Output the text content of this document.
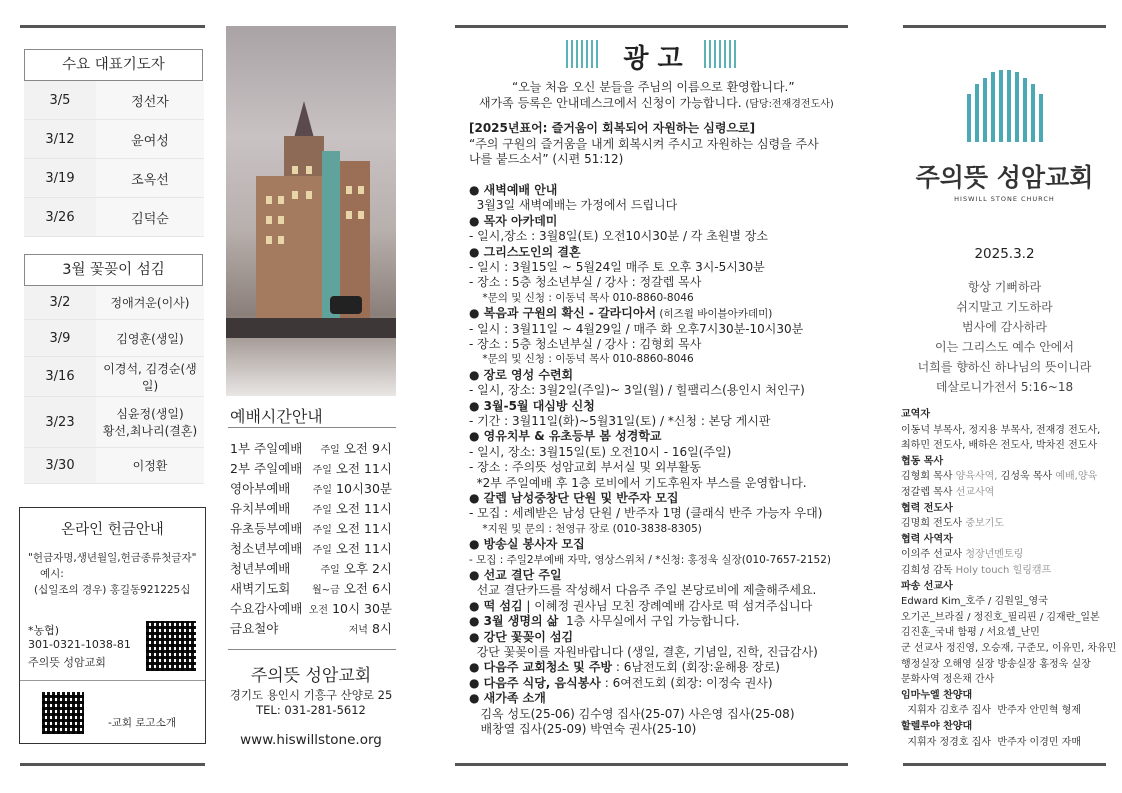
수요 대표기도자
3/5	정선자
3/12	윤여성
3/19	조옥선
3/26	김덕순
3월 꽃꽂이 섬김
3/2	정애겨운(이사)

3/9	김영훈(생일)

3/16	이경석, 김경순(생일)

3/23	심윤정(생일)
황선,최나리(결혼)

3/30	이정환
온라인 헌금안내
"헌금자명,생년월일,헌금종류첫글자"
예시:
(십일조의 경우) 홍길동921225십
*농협)
301-0321-1038-81
주의뜻 성암교회
-교회 로고소개
예배시간안내
1부 주일예배 주일 오전 9시
2부 주일예배 주일 오전 11시
영아부예배 주일 10시30분
유치부예배 주일 오전 11시
유초등부예배 주일 오전 11시
청소년부예배 주일 오전 11시
청년부예배	주일 오후 2시
새벽기도회 월~금 오전 6시
수요감사예배 오전 10시 30분
금요철야	저녁 8시
주의뜻 성암교회
경기도 용인시 기흥구 산양로 25
TEL: 031-281-5612
www.hiswillstone.org
광 고
“오늘 처음 오신 분들을 주님의 이름으로 환영합니다.”
새가족 등록은 안내데스크에서 신청이 가능합니다. (담당:전재경전도사)
[2025년표어: 즐거움이 회복되어 자원하는 심령으로]
“주의 구원의 즐거움을 내게 회복시켜 주시고 자원하는 심령을 주사
나를 붙드소서” (시편 51:12)
● 새벽예배 안내
3월3일 새벽예배는 가정에서 드립니다
● 목자 아카데미
- 일시,장소 : 3월8일(토) 오전10시30분 / 각 초원별 장소
● 그리스도인의 결혼
- 일시 : 3월15일 ~ 5월24일 매주 토 오후 3시-5시30분
- 장소 : 5층 청소년부실 / 강사 : 정갈렙 목사
*문의 및 신청 : 이동넉 목사 010-8860-8046
● 복음과 구원의 확신 - 갈라디아서 (히즈윌 바이블아카데미)
- 일시 : 3월11일 ~ 4월29일 / 매주 화 오후7시30분-10시30분
- 장소 : 5층 청소년부실 / 강사 : 김형회 목사
*문의 및 신청 : 이동넉 목사 010-8860-8046
● 장로 영성 수련회
- 일시, 장소: 3월2일(주일)~ 3일(월) / 힐팰리스(용인시 처인구)
● 3월-5월 대심방 신청
- 기간 : 3월11일(화)~5월31일(토) / *신청 : 본당 게시판
● 영유치부 & 유초등부 봄 성경학교
- 일시, 장소: 3월15일(토) 오전10시 - 16일(주일)
- 장소 : 주의뜻 성암교회 부서실 및 외부활동
*2부 주일예배 후 1층 로비에서 기도후원자 부스를 운영합니다.
● 갈렙 남성중창단 단원 및 반주자 모집
- 모집 : 세례받은 남성 단원 / 반주자 1명 (클래식 반주 가능자 우대)
*지원 및 문의 : 천영규 장로 (010-3838-8305)
● 방송실 봉사자 모집
- 모집 : 주일2부예배 자막, 영상스위처 / *신청: 홍정욱 실장(010-7657-2152)
● 선교 결단 주일
선교 결단카드를 작성해서 다음주 주일 본당로비에 제출해주세요.
● 떡 섬김 | 이혜정 권사님 모친 장례예배 감사로 떡 섬겨주십니다
● 3월 생명의 삶  1층 사무실에서 구입 가능합니다.
● 강단 꽃꽂이 섬김
강단 꽃꽂이를 자원바랍니다 (생일, 결혼, 기념일, 진학, 진급감사)
● 다음주 교회청소 및 주방 : 6남전도회 (회장:윤해용 장로)
● 다음주 식당, 음식봉사 : 6여전도회 (회장: 이정숙 권사)
● 새가족 소개
김옥 성도(25-06) 김수영 집사(25-07) 사은영 집사(25-08)
배창열 집사(25-09) 박연숙 권사(25-10)
주의뜻 성암교회
HISWILL STONE CHURCH
2025.3.2
항상 기뻐하라
쉬지말고 기도하라
범사에 감사하라
이는 그리스도 예수 안에서
너희를 향하신 하나님의 뜻이니라
데살로니가전서 5:16~18
교역자
이동넉 부목사, 정지용 부목사, 전재경 전도사,
최하민 전도사, 배하은 전도사, 박차진 전도사
협동 목사
김형회 목사 양육사역, 김성욱 목사 예배,양육
정갈렙 목사 선교사역
협력 전도사
김명희 전도사 중보기도
협력 사역자
이의주 선교사 청장년멘토링
김희성 감독 Holy touch 힐링캠프
파송 선교사
Edward Kim_호주 / 김원일_영국
오기곤_브라질 / 정진호_필리핀 / 김재란_일본
김진훈_국내 함평 / 서요셉_난민
군 선교사 정진영, 오승재, 구준모, 이유민, 차유민
행정실장 오해영 실장 방송실장 홍정욱 실장
문화사역 정은채 간사
임마누엘 찬양대
지휘자 김호주 집사  반주자 안민혁 형제
할렐루야 찬양대
지휘자 정경호 집사  반주자 이경민 자매
